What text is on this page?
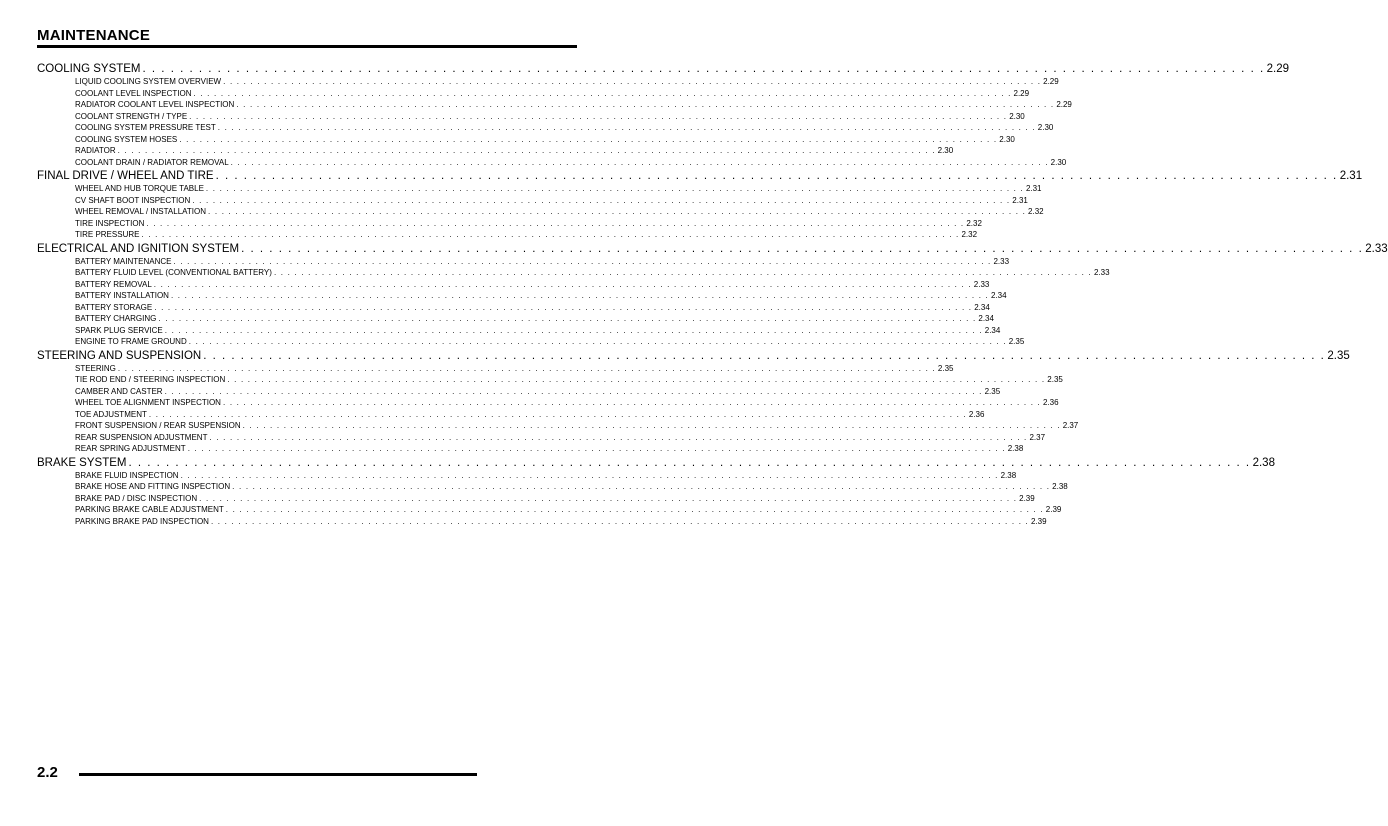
MAINTENANCE
COOLING SYSTEM . . . . . . . . . . . . . . . . . . . . . . . . . . . . . . . . . . . . . . . . . . . . . . . . . . . . . . . . . . . . . . . . . . . . . . . . . . . . . . . . . . . . . . . . . . . . . . . . . . . . . . . . . . . . . . . . . . . . . . . . 2.29
LIQUID COOLING SYSTEM OVERVIEW . . . . . . . . . . . . . . . . . . . . . . . . . . . . . . . . . . . . . . . . . . . . . . . . . . . . . . . . . . . . . . . . . . . . . . . . . . . . . . . . . . . . . . . . . . . . . . . . . . . . . . . . . . . . . . . . . . . . . . . . 2.29
COOLANT LEVEL INSPECTION . . . . . . . . . . . . . . . . . . . . . . . . . . . . . . . . . . . . . . . . . . . . . . . . . . . . . . . . . . . . . . . . . . . . . . . . . . . . . . . . . . . . . . . . . . . . . . . . . . . . . . . . . . . . . . . . . . . . . . . . 2.29
RADIATOR COOLANT LEVEL INSPECTION . . . . . . . . . . . . . . . . . . . . . . . . . . . . . . . . . . . . . . . . . . . . . . . . . . . . . . . . . . . . . . . . . . . . . . . . . . . . . . . . . . . . . . . . . . . . . . . . . . . . . . . . . . . . . . . . . . . . . . . . 2.29
COOLANT STRENGTH / TYPE . . . . . . . . . . . . . . . . . . . . . . . . . . . . . . . . . . . . . . . . . . . . . . . . . . . . . . . . . . . . . . . . . . . . . . . . . . . . . . . . . . . . . . . . . . . . . . . . . . . . . . . . . . . . . . . . . . . . . . . . 2.30
COOLING SYSTEM PRESSURE TEST . . . . . . . . . . . . . . . . . . . . . . . . . . . . . . . . . . . . . . . . . . . . . . . . . . . . . . . . . . . . . . . . . . . . . . . . . . . . . . . . . . . . . . . . . . . . . . . . . . . . . . . . . . . . . . . . . . . . . . . . 2.30
COOLING SYSTEM HOSES . . . . . . . . . . . . . . . . . . . . . . . . . . . . . . . . . . . . . . . . . . . . . . . . . . . . . . . . . . . . . . . . . . . . . . . . . . . . . . . . . . . . . . . . . . . . . . . . . . . . . . . . . . . . . . . . . . . . . . . . 2.30
RADIATOR . . . . . . . . . . . . . . . . . . . . . . . . . . . . . . . . . . . . . . . . . . . . . . . . . . . . . . . . . . . . . . . . . . . . . . . . . . . . . . . . . . . . . . . . . . . . . . . . . . . . . . . . . . . . . . . . . . . . . . . . 2.30
COOLANT DRAIN / RADIATOR REMOVAL . . . . . . . . . . . . . . . . . . . . . . . . . . . . . . . . . . . . . . . . . . . . . . . . . . . . . . . . . . . . . . . . . . . . . . . . . . . . . . . . . . . . . . . . . . . . . . . . . . . . . . . . . . . . . . . . . . . . . . . . 2.30
FINAL DRIVE / WHEEL AND TIRE . . . . . . . . . . . . . . . . . . . . . . . . . . . . . . . . . . . . . . . . . . . . . . . . . . . . . . . . . . . . . . . . . . . . . . . . . . . . . . . . . . . . . . . . . . . . . . . . . . . . . . . . . . . . . . . . . . . . . . . . 2.31
WHEEL AND HUB TORQUE TABLE . . . . . . . . . . . . . . . . . . . . . . . . . . . . . . . . . . . . . . . . . . . . . . . . . . . . . . . . . . . . . . . . . . . . . . . . . . . . . . . . . . . . . . . . . . . . . . . . . . . . . . . . . . . . . . . . . . . . . . . . 2.31
CV SHAFT BOOT INSPECTION . . . . . . . . . . . . . . . . . . . . . . . . . . . . . . . . . . . . . . . . . . . . . . . . . . . . . . . . . . . . . . . . . . . . . . . . . . . . . . . . . . . . . . . . . . . . . . . . . . . . . . . . . . . . . . . . . . . . . . . . 2.31
WHEEL REMOVAL / INSTALLATION . . . . . . . . . . . . . . . . . . . . . . . . . . . . . . . . . . . . . . . . . . . . . . . . . . . . . . . . . . . . . . . . . . . . . . . . . . . . . . . . . . . . . . . . . . . . . . . . . . . . . . . . . . . . . . . . . . . . . . . . 2.32
TIRE INSPECTION . . . . . . . . . . . . . . . . . . . . . . . . . . . . . . . . . . . . . . . . . . . . . . . . . . . . . . . . . . . . . . . . . . . . . . . . . . . . . . . . . . . . . . . . . . . . . . . . . . . . . . . . . . . . . . . . . . . . . . . . 2.32
TIRE PRESSURE . . . . . . . . . . . . . . . . . . . . . . . . . . . . . . . . . . . . . . . . . . . . . . . . . . . . . . . . . . . . . . . . . . . . . . . . . . . . . . . . . . . . . . . . . . . . . . . . . . . . . . . . . . . . . . . . . . . . . . . . 2.32
ELECTRICAL AND IGNITION SYSTEM . . . . . . . . . . . . . . . . . . . . . . . . . . . . . . . . . . . . . . . . . . . . . . . . . . . . . . . . . . . . . . . . . . . . . . . . . . . . . . . . . . . . . . . . . . . . . . . . . . . . . . . . . . . . . . . . . . . . . . . . 2.33
BATTERY MAINTENANCE . . . . . . . . . . . . . . . . . . . . . . . . . . . . . . . . . . . . . . . . . . . . . . . . . . . . . . . . . . . . . . . . . . . . . . . . . . . . . . . . . . . . . . . . . . . . . . . . . . . . . . . . . . . . . . . . . . . . . . . . 2.33
BATTERY FLUID LEVEL (CONVENTIONAL BATTERY) . . . . . . . . . . . . . . . . . . . . . . . . . . . . . . . . . . . . . . . . . . . . . . . . . . . . . . . . . . . . . . . . . . . . . . . . . . . . . . . . . . . . . . . . . . . . . . . . . . . . . . . . . . . . . . . . . . . . . . . . 2.33
BATTERY REMOVAL . . . . . . . . . . . . . . . . . . . . . . . . . . . . . . . . . . . . . . . . . . . . . . . . . . . . . . . . . . . . . . . . . . . . . . . . . . . . . . . . . . . . . . . . . . . . . . . . . . . . . . . . . . . . . . . . . . . . . . . . 2.33
BATTERY INSTALLATION . . . . . . . . . . . . . . . . . . . . . . . . . . . . . . . . . . . . . . . . . . . . . . . . . . . . . . . . . . . . . . . . . . . . . . . . . . . . . . . . . . . . . . . . . . . . . . . . . . . . . . . . . . . . . . . . . . . . . . . . 2.34
BATTERY STORAGE . . . . . . . . . . . . . . . . . . . . . . . . . . . . . . . . . . . . . . . . . . . . . . . . . . . . . . . . . . . . . . . . . . . . . . . . . . . . . . . . . . . . . . . . . . . . . . . . . . . . . . . . . . . . . . . . . . . . . . . . 2.34
BATTERY CHARGING . . . . . . . . . . . . . . . . . . . . . . . . . . . . . . . . . . . . . . . . . . . . . . . . . . . . . . . . . . . . . . . . . . . . . . . . . . . . . . . . . . . . . . . . . . . . . . . . . . . . . . . . . . . . . . . . . . . . . . . . 2.34
SPARK PLUG SERVICE . . . . . . . . . . . . . . . . . . . . . . . . . . . . . . . . . . . . . . . . . . . . . . . . . . . . . . . . . . . . . . . . . . . . . . . . . . . . . . . . . . . . . . . . . . . . . . . . . . . . . . . . . . . . . . . . . . . . . . . . 2.34
ENGINE TO FRAME GROUND . . . . . . . . . . . . . . . . . . . . . . . . . . . . . . . . . . . . . . . . . . . . . . . . . . . . . . . . . . . . . . . . . . . . . . . . . . . . . . . . . . . . . . . . . . . . . . . . . . . . . . . . . . . . . . . . . . . . . . . . 2.35
STEERING AND SUSPENSION . . . . . . . . . . . . . . . . . . . . . . . . . . . . . . . . . . . . . . . . . . . . . . . . . . . . . . . . . . . . . . . . . . . . . . . . . . . . . . . . . . . . . . . . . . . . . . . . . . . . . . . . . . . . . . . . . . . . . . . . 2.35
STEERING . . . . . . . . . . . . . . . . . . . . . . . . . . . . . . . . . . . . . . . . . . . . . . . . . . . . . . . . . . . . . . . . . . . . . . . . . . . . . . . . . . . . . . . . . . . . . . . . . . . . . . . . . . . . . . . . . . . . . . . . 2.35
TIE ROD END / STEERING INSPECTION . . . . . . . . . . . . . . . . . . . . . . . . . . . . . . . . . . . . . . . . . . . . . . . . . . . . . . . . . . . . . . . . . . . . . . . . . . . . . . . . . . . . . . . . . . . . . . . . . . . . . . . . . . . . . . . . . . . . . . . . 2.35
CAMBER AND CASTER . . . . . . . . . . . . . . . . . . . . . . . . . . . . . . . . . . . . . . . . . . . . . . . . . . . . . . . . . . . . . . . . . . . . . . . . . . . . . . . . . . . . . . . . . . . . . . . . . . . . . . . . . . . . . . . . . . . . . . . . 2.35
WHEEL TOE ALIGNMENT INSPECTION . . . . . . . . . . . . . . . . . . . . . . . . . . . . . . . . . . . . . . . . . . . . . . . . . . . . . . . . . . . . . . . . . . . . . . . . . . . . . . . . . . . . . . . . . . . . . . . . . . . . . . . . . . . . . . . . . . . . . . . . 2.36
TOE ADJUSTMENT . . . . . . . . . . . . . . . . . . . . . . . . . . . . . . . . . . . . . . . . . . . . . . . . . . . . . . . . . . . . . . . . . . . . . . . . . . . . . . . . . . . . . . . . . . . . . . . . . . . . . . . . . . . . . . . . . . . . . . . . 2.36
FRONT SUSPENSION / REAR SUSPENSION . . . . . . . . . . . . . . . . . . . . . . . . . . . . . . . . . . . . . . . . . . . . . . . . . . . . . . . . . . . . . . . . . . . . . . . . . . . . . . . . . . . . . . . . . . . . . . . . . . . . . . . . . . . . . . . . . . . . . . . . 2.37
REAR SUSPENSION ADJUSTMENT . . . . . . . . . . . . . . . . . . . . . . . . . . . . . . . . . . . . . . . . . . . . . . . . . . . . . . . . . . . . . . . . . . . . . . . . . . . . . . . . . . . . . . . . . . . . . . . . . . . . . . . . . . . . . . . . . . . . . . . . 2.37
REAR SPRING ADJUSTMENT . . . . . . . . . . . . . . . . . . . . . . . . . . . . . . . . . . . . . . . . . . . . . . . . . . . . . . . . . . . . . . . . . . . . . . . . . . . . . . . . . . . . . . . . . . . . . . . . . . . . . . . . . . . . . . . . . . . . . . . . 2.38
BRAKE SYSTEM . . . . . . . . . . . . . . . . . . . . . . . . . . . . . . . . . . . . . . . . . . . . . . . . . . . . . . . . . . . . . . . . . . . . . . . . . . . . . . . . . . . . . . . . . . . . . . . . . . . . . . . . . . . . . . . . . . . . . . . . 2.38
BRAKE FLUID INSPECTION . . . . . . . . . . . . . . . . . . . . . . . . . . . . . . . . . . . . . . . . . . . . . . . . . . . . . . . . . . . . . . . . . . . . . . . . . . . . . . . . . . . . . . . . . . . . . . . . . . . . . . . . . . . . . . . . . . . . . . . . 2.38
BRAKE HOSE AND FITTING INSPECTION . . . . . . . . . . . . . . . . . . . . . . . . . . . . . . . . . . . . . . . . . . . . . . . . . . . . . . . . . . . . . . . . . . . . . . . . . . . . . . . . . . . . . . . . . . . . . . . . . . . . . . . . . . . . . . . . . . . . . . . . 2.38
BRAKE PAD / DISC INSPECTION . . . . . . . . . . . . . . . . . . . . . . . . . . . . . . . . . . . . . . . . . . . . . . . . . . . . . . . . . . . . . . . . . . . . . . . . . . . . . . . . . . . . . . . . . . . . . . . . . . . . . . . . . . . . . . . . . . . . . . . . 2.39
PARKING BRAKE CABLE ADJUSTMENT . . . . . . . . . . . . . . . . . . . . . . . . . . . . . . . . . . . . . . . . . . . . . . . . . . . . . . . . . . . . . . . . . . . . . . . . . . . . . . . . . . . . . . . . . . . . . . . . . . . . . . . . . . . . . . . . . . . . . . . . 2.39
PARKING BRAKE PAD INSPECTION . . . . . . . . . . . . . . . . . . . . . . . . . . . . . . . . . . . . . . . . . . . . . . . . . . . . . . . . . . . . . . . . . . . . . . . . . . . . . . . . . . . . . . . . . . . . . . . . . . . . . . . . . . . . . . . . . . . . . . . . 2.39
2.2
